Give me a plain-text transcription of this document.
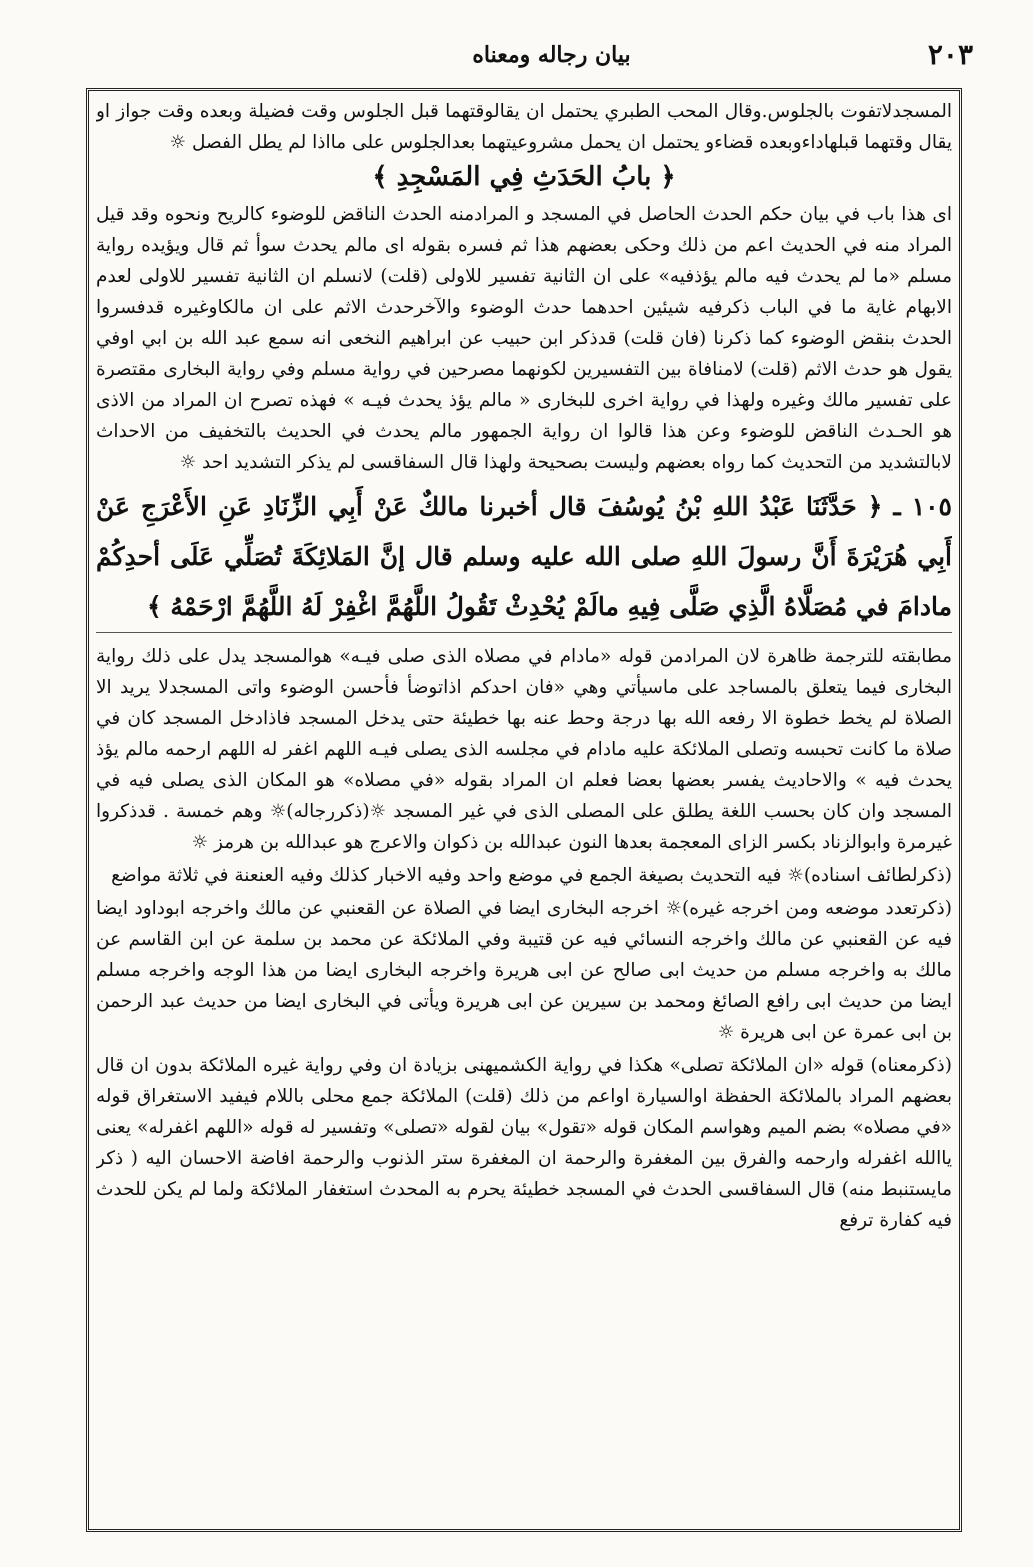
بيان رجاله ومعناه	٢٠٣

المسجدلاتفوت بالجلوس.وقال المحب الطبري يحتمل ان يقالوقتهما قبل الجلوس وقت فضيلة وبعده وقت جواز او يقال وقتهما قبلهاداءوبعده قضاءو يحتمل ان يحمل مشروعيتهما بعدالجلوس على مااذا لم يطل الفصل ☼

﴿ بابُ الحَدَثِ فِي المَسْجِدِ ﴾

اى هذا باب في بيان حكم الحدث الحاصل في المسجد و المرادمنه الحدث الناقض للوضوء كالريح ونحوه وقد قيل المراد منه في الحديث اعم من ذلك وحكى بعضهم هذا ثم فسره بقوله اى مالم يحدث سوأ ثم قال ويؤيده رواية مسلم «ما لم يحدث فيه مالم يؤذفيه» على ان الثانية تفسير للاولى (قلت) لانسلم ان الثانية تفسير للاولى لعدم الابهام غاية ما في الباب ذكرفيه شيئين احدهما حدث الوضوء والآخرحدث الاثم على ان مالكاوغيره قدفسروا الحدث بنقض الوضوء كما ذكرنا (فان قلت) قدذكر ابن حبيب عن ابراهيم النخعى انه سمع عبد الله بن ابي اوفي يقول هو حدث الاثم (قلت) لامنافاة بين التفسيرين لكونهما مصرحين في رواية مسلم وفي رواية البخارى مقتصرة على تفسير مالك وغيره ولهذا في رواية اخرى للبخارى « مالم يؤذ يحدث فيـه » فهذه تصرح ان المراد من الاذى هو الحـدث الناقض للوضوء وعن هذا قالوا ان رواية الجمهور مالم يحدث في الحديث بالتخفيف من الاحداث لابالتشديد من التحديث كما رواه بعضهم وليست بصحيحة ولهذا قال السفاقسى لم يذكر التشديد احد ☼

١٠٥ ـ ﴿ حَدَّثَنَا عَبْدُ اللهِ بْنُ يُوسُفَ قال أخبرنا مالكٌ عَنْ أَبِي الزِّنَادِ عَنِ الأَعْرَجِ عَنْ أَبِي هُرَيْرَةَ أَنَّ رسولَ اللهِ صلى الله عليه وسلم قال إنَّ المَلائِكَةَ تُصَلِّي عَلَى أحدِكُمْ مادامَ في مُصَلَّاهُ الَّذِي صَلَّى فِيهِ مالَمْ يُحْدِثْ تَقُولُ اللَّهُمَّ اغْفِرْ لَهُ اللَّهُمَّ ارْحَمْهُ ﴾

مطابقته للترجمة ظاهرة لان المرادمن قوله «مادام في مصلاه الذى صلى فيـه» هوالمسجد يدل على ذلك رواية البخارى فيما يتعلق بالمساجد على ماسيأتي وهي «فان احدكم اذاتوضأ فأحسن الوضوء واتى المسجدلا يريد الا الصلاة لم يخط خطوة الا رفعه الله بها درجة وحط عنه بها خطيئة حتى يدخل المسجد فاذادخل المسجد كان في صلاة ما كانت تحبسه وتصلى الملائكة عليه مادام في مجلسه الذى يصلى فيـه اللهم اغفر له اللهم ارحمه مالم يؤذ يحدث فيه » والاحاديث يفسر بعضها بعضا فعلم ان المراد بقوله «في مصلاه» هو المكان الذى يصلى فيه في المسجد وان كان بحسب اللغة يطلق على المصلى الذى في غير المسجد ☼(ذكررجاله)☼ وهم خمسة . قدذكروا غيرمرة وابوالزناد بكسر الزاى المعجمة بعدها النون عبدالله بن ذكوان والاعرج هو عبدالله بن هرمز ☼

(ذكرلطائف اسناده)☼ فيه التحديث بصيغة الجمع في موضع واحد وفيه الاخبار كذلك وفيه العنعنة في ثلاثة مواضع

(ذكرتعدد موضعه ومن اخرجه غيره)☼ اخرجه البخارى ايضا في الصلاة عن القعنبي عن مالك واخرجه ابوداود ايضا فيه عن القعنبي عن مالك واخرجه النسائي فيه عن قتيبة وفي الملائكة عن محمد بن سلمة عن ابن القاسم عن مالك به واخرجه مسلم من حديث ابى صالح عن ابى هريرة واخرجه البخارى ايضا من هذا الوجه واخرجه مسلم ايضا من حديث ابى رافع الصائغ ومحمد بن سيرين عن ابى هريرة ويأتى في البخارى ايضا من حديث عبد الرحمن بن ابى عمرة عن ابى هريرة ☼

(ذكرمعناه) قوله «ان الملائكة تصلى» هكذا في رواية الكشميهنى بزيادة ان وفي رواية غيره الملائكة بدون ان قال بعضهم المراد بالملائكة الحفظة اوالسيارة اواعم من ذلك (قلت) الملائكة جمع محلى باللام فيفيد الاستغراق قوله «في مصلاه» بضم الميم وهواسم المكان قوله «تقول» بيان لقوله «تصلى» وتفسير له قوله «اللهم اغفرله» يعنى ياالله اغفرله وارحمه والفرق بين المغفرة والرحمة ان المغفرة ستر الذنوب والرحمة افاضة الاحسان اليه ( ذكر مايستنبط منه) قال السفاقسى الحدث في المسجد خطيئة يحرم به المحدث استغفار الملائكة ولما لم يكن للحدث فيه كفارة ترفع
